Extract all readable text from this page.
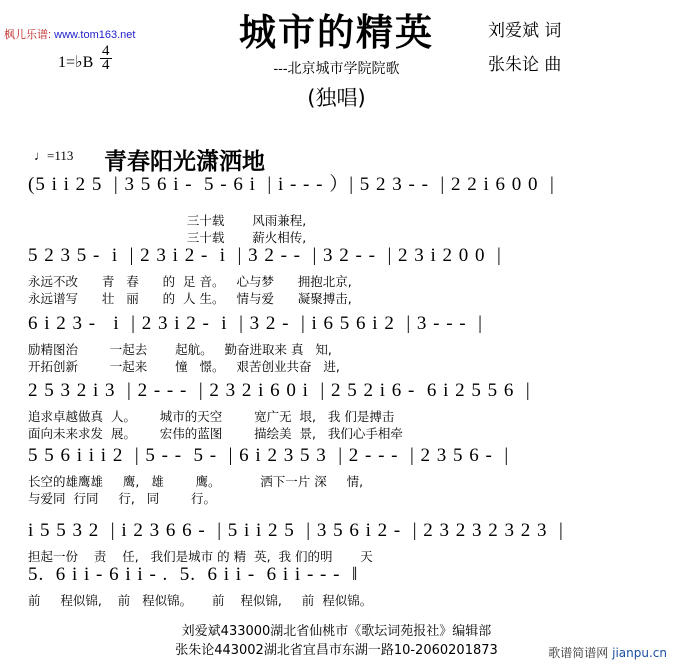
枫儿乐谱: www.tom163.net	城市的精英
---北京城市学院院歌
(独唱)
刘爱斌 词
张朱论 曲
1=♭B $\frac{4}{4}$
♩=113 青春阳光潇洒地
(5 i i 2 5  | 3 5 6 i -  5 - 6 i  | i - - - ）| 5 2 3 - -  | 2 2 i 6 0 0  |
三十载       风雨兼程,
三十载       薪火相传,
5 2 3 5 -  i  | 2 3 i 2 -  i  | 3 2 - -  | 3 2 - -  | 2 3 i 2 0 0  |
永远不改      青   春      的  足 音。   心与梦      拥抱北京,
永远谱写      壮   丽      的  人 生。   情与爱      凝聚搏击,
6 i 2 3 -   i  | 2 3 i 2 -  i  | 3 2 -  | i 6 5 6 i 2  | 3 - - -  |
励精图治        一起去       起航。   勤奋进取来 真   知,
开拓创新        一起来       憧   憬。   艰苦创业共奋   进,
2 5 3 2 i 3  | 2 - - -  | 2 3 2 i 6 0 i  | 2 5 2 i 6 -  6 i 2 5 5 6  |
追求卓越做真  人。      城市的天空        宽广无  垠,   我 们是搏击
面向未来求发  展。      宏伟的蓝图        描绘美  景,   我们心手相牵
5 5 6 i i i 2  | 5 - -  5 -  | 6 i 2 3 5 3  | 2 - - -  | 2 3 5 6 -  |
长空的雄鹰雄     鹰,   雄        鹰。          洒下一片 深     情,
与爱同  行同     行,   同        行。
i 5 5 3 2  | i 2 3 6 6 -  | 5 i i 2 5  | 3 5 6 i 2 -  | 2 3 2 3 2 3 2 3  |
担起一份    责    任,   我们是城市 的 精  英,  我 们的明       天
5.  6 i i - 6 i i - .  5.  6 i i -  6 i i - - -  ‖
前     程似锦,    前   程似锦。     前    程似锦,     前  程似锦。
刘爱斌433000湖北省仙桃市《歌坛词苑报社》编辑部
张朱论443002湖北省宜昌市东湖一路10-2060201873	歌谱简谱网 jianpu.cn
